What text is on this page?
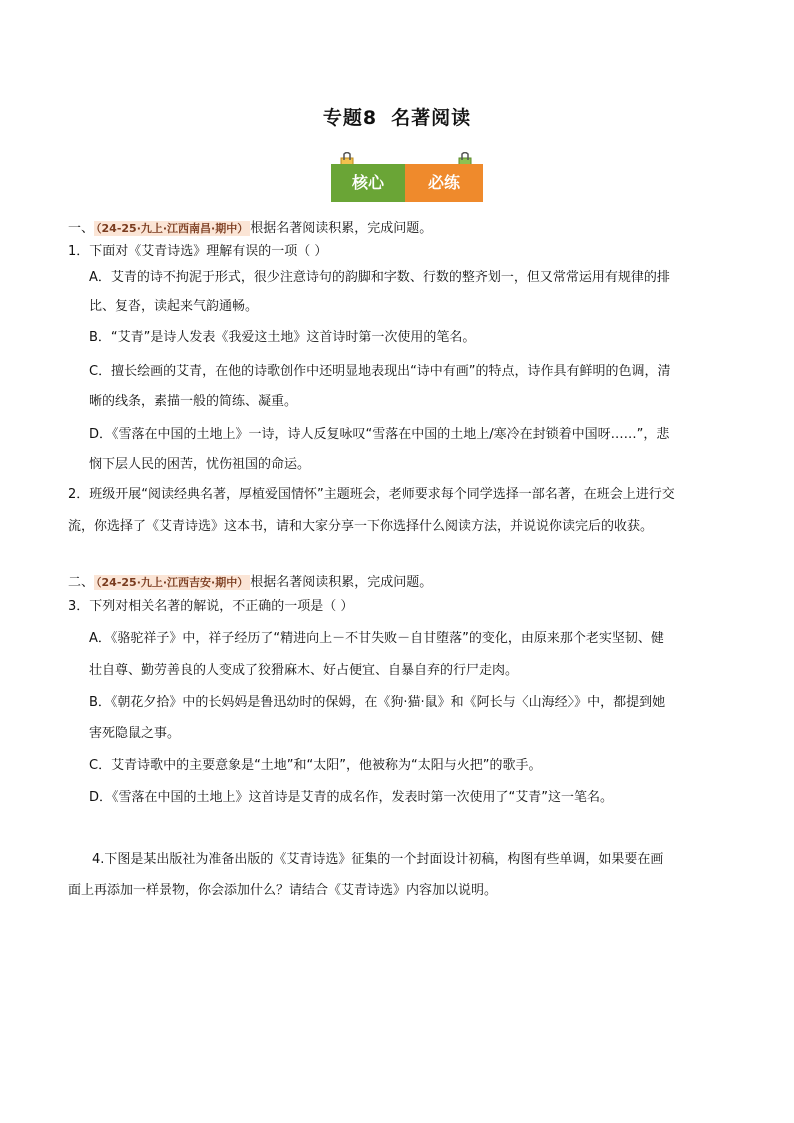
专题8 名著阅读
核心	必练
一、 （24-25·九上·江西南昌·期中） 根据名著阅读积累，完成问题。
1．下面对《艾青诗选》理解有误的一项（ ）
A．艾青的诗不拘泥于形式，很少注意诗句的韵脚和字数、行数的整齐划一，但又常常运用有规律的排
比、复沓，读起来气韵通畅。
B．“艾青”是诗人发表《我爱这土地》这首诗时第一次使用的笔名。
C．擅长绘画的艾青，在他的诗歌创作中还明显地表现出“诗中有画”的特点，诗作具有鲜明的色调，清
晰的线条，素描一般的简练、凝重。
D．《雪落在中国的土地上》一诗，诗人反复咏叹“雪落在中国的土地上/寒冷在封锁着中国呀……”，悲
悯下层人民的困苦，忧伤祖国的命运。
2．班级开展“阅读经典名著，厚植爱国情怀”主题班会，老师要求每个同学选择一部名著，在班会上进行交
流，你选择了《艾青诗选》这本书，请和大家分享一下你选择什么阅读方法，并说说你读完后的收获。
二、 （24-25·九上·江西吉安·期中） 根据名著阅读积累，完成问题。
3．下列对相关名著的解说，不正确的一项是（ ）
A．《骆驼祥子》中，祥子经历了“精进向上－不甘失败－自甘堕落”的变化，由原来那个老实坚韧、健
壮自尊、勤劳善良的人变成了狡猾麻木、好占便宜、自暴自弃的行尸走肉。
B．《朝花夕拾》中的长妈妈是鲁迅幼时的保姆，在《狗·猫·鼠》和《阿长与〈山海经〉》中，都提到她
害死隐鼠之事。
C．艾青诗歌中的主要意象是“土地”和“太阳”，他被称为“太阳与火把”的歌手。
D．《雪落在中国的土地上》这首诗是艾青的成名作，发表时第一次使用了“艾青”这一笔名。
4.下图是某出版社为准备出版的《艾青诗选》征集的一个封面设计初稿，构图有些单调，如果要在画
面上再添加一样景物，你会添加什么？请结合《艾青诗选》内容加以说明。
